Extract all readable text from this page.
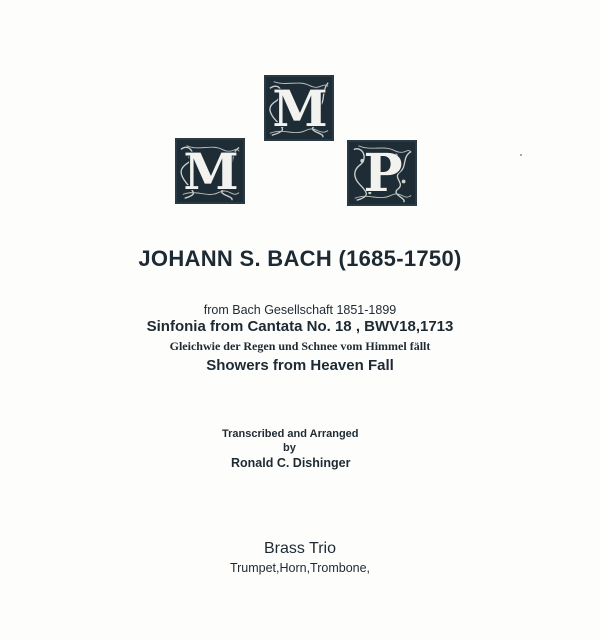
M
M
P
JOHANN S. BACH (1685-1750)
from Bach Gesellschaft 1851-1899
Sinfonia from Cantata No. 18 , BWV18,1713
Gleichwie der Regen und Schnee vom Himmel fällt
Showers from Heaven Fall
Transcribed and Arranged
by
Ronald C. Dishinger
Brass Trio
Trumpet,Horn,Trombone,
